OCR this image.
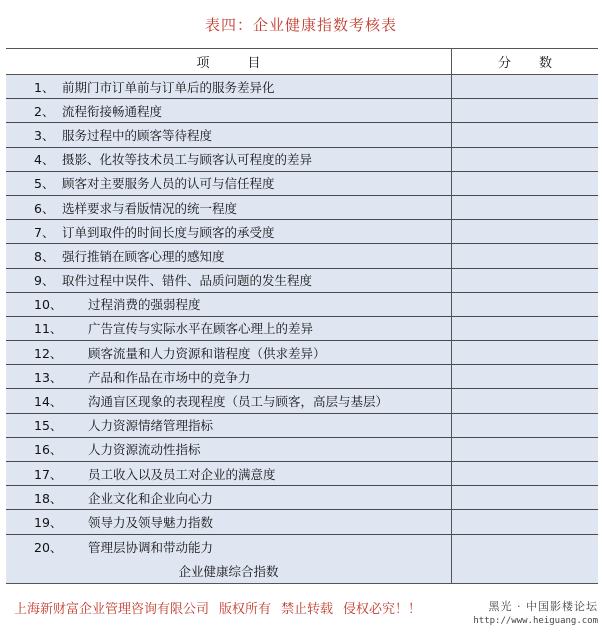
表四：企业健康指数考核表
项目	分数
1、 前期门市订单前与订单后的服务差异化
2、 流程衔接畅通程度
3、 服务过程中的顾客等待程度
4、 摄影、化妆等技术员工与顾客认可程度的差异
5、 顾客对主要服务人员的认可与信任程度
6、 选样要求与看版情况的统一程度
7、 订单到取件的时间长度与顾客的承受度
8、 强行推销在顾客心理的感知度
9、 取件过程中误件、错件、品质问题的发生程度
10、	过程消费的强弱程度
11、	广告宣传与实际水平在顾客心理上的差异
12、	顾客流量和人力资源和谐程度（供求差异）
13、	产品和作品在市场中的竞争力
14、	沟通盲区现象的表现程度（员工与顾客，高层与基层）
15、	人力资源情绪管理指标
16、	人力资源流动性指标
17、	员工收入以及员工对企业的满意度
18、	企业文化和企业向心力
19、	领导力及领导魅力指数
20、	管理层协调和带动能力
企业健康综合指数
上海新财富企业管理咨询有限公司 版权所有 禁止转载 侵权必究！！	黑光 · 中国影楼论坛
http://www.heiguang.com
